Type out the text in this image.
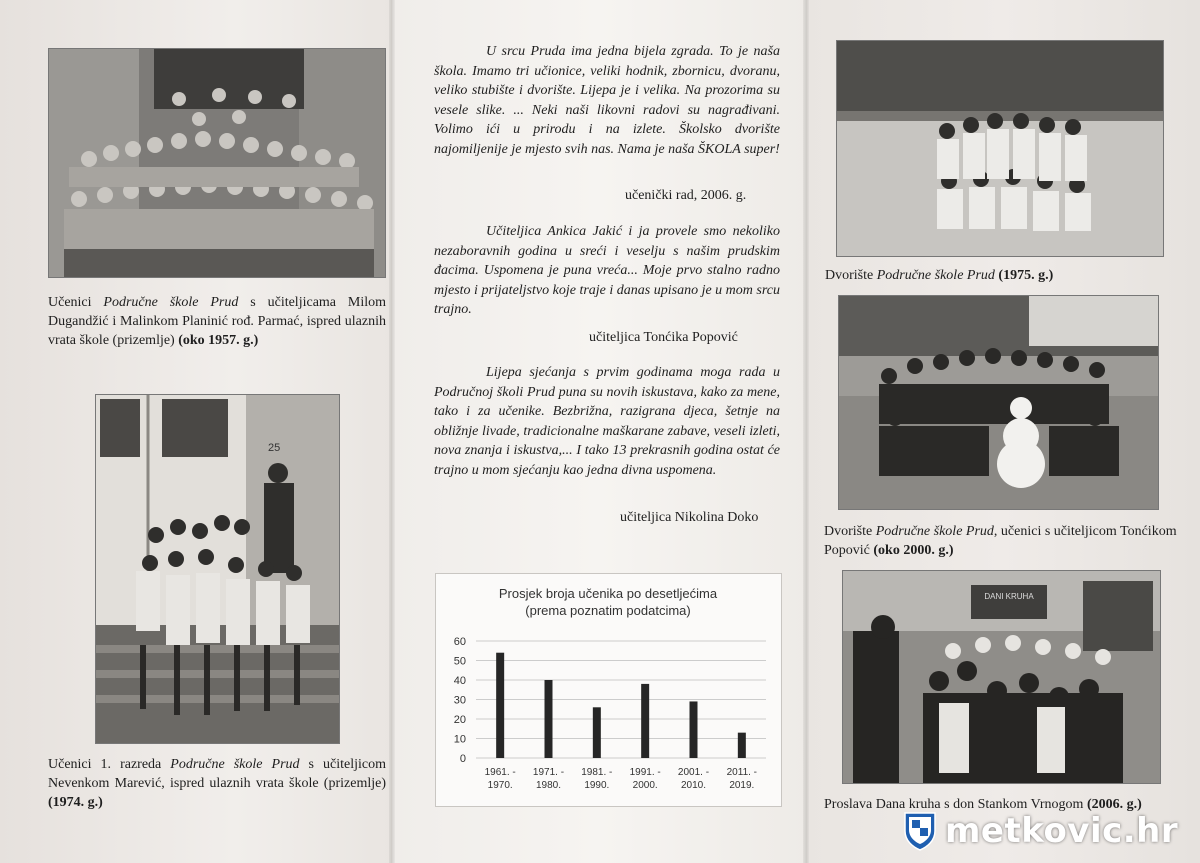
Učenici Područne škole Prud s učiteljicama Milom Dugandžić i Malinkom Planinić rođ. Parmać, ispred ulaznih vrata škole (prizemlje) (oko 1957. g.)
25
Učenici 1. razreda Područne škole Prud s učiteljicom Nevenkom Marević, ispred ulaznih vrata škole (prizemlje) (1974. g.)

U srcu Pruda ima jedna bijela zgrada. To je naša škola. Imamo tri učionice, veliki hodnik, zbornicu, dvoranu, veliko stubište i dvorište. Lijepa je i velika. Na prozorima su vesele slike. ... Neki naši likovni radovi su nagrađivani. Volimo ići u prirodu i na izlete. Školsko dvorište najomiljenije je mjesto svih nas. Nama je naša ŠKOLA super!

učenički rad, 2006. g.

Učiteljica Ankica Jakić i ja provele smo nekoliko nezaboravnih godina u sreći i veselju s našim prudskim đacima. Uspomena je puna vreća... Moje prvo stalno radno mjesto i prijateljstvo koje traje i danas upisano je u mom srcu trajno.

učiteljica Tonćika Popović

Lijepa sjećanja s prvim godinama moga rada u Područnoj školi Prud puna su novih iskustava, kako za mene, tako i za učenike. Bezbrižna, razigrana djeca, šetnje na obližnje livade, tradicionalne maškarane zabave, veseli izleti, nova znanja i iskustva,... I tako 13 prekrasnih godina ostat će trajno u mom sjećanju kao jedna divna uspomena.

učiteljica Nikolina Doko
Prosjek broja učenika po desetljećima
(prema poznatim podatcima)
0
10
20
30
40
50
60
1961. -
1970.
1971. -
1980.
1981. -
1990.
1991. -
2000.
2001. -
2010.
2011. -
2019.
Dvorište Područne škole Prud (1975. g.)
Dvorište Područne škole Prud, učenici s učiteljicom Tonćikom Popović (oko 2000. g.)
DANI KRUHA
Proslava Dana kruha s don Stankom Vrnogom (2006. g.)
metkovic.hr
